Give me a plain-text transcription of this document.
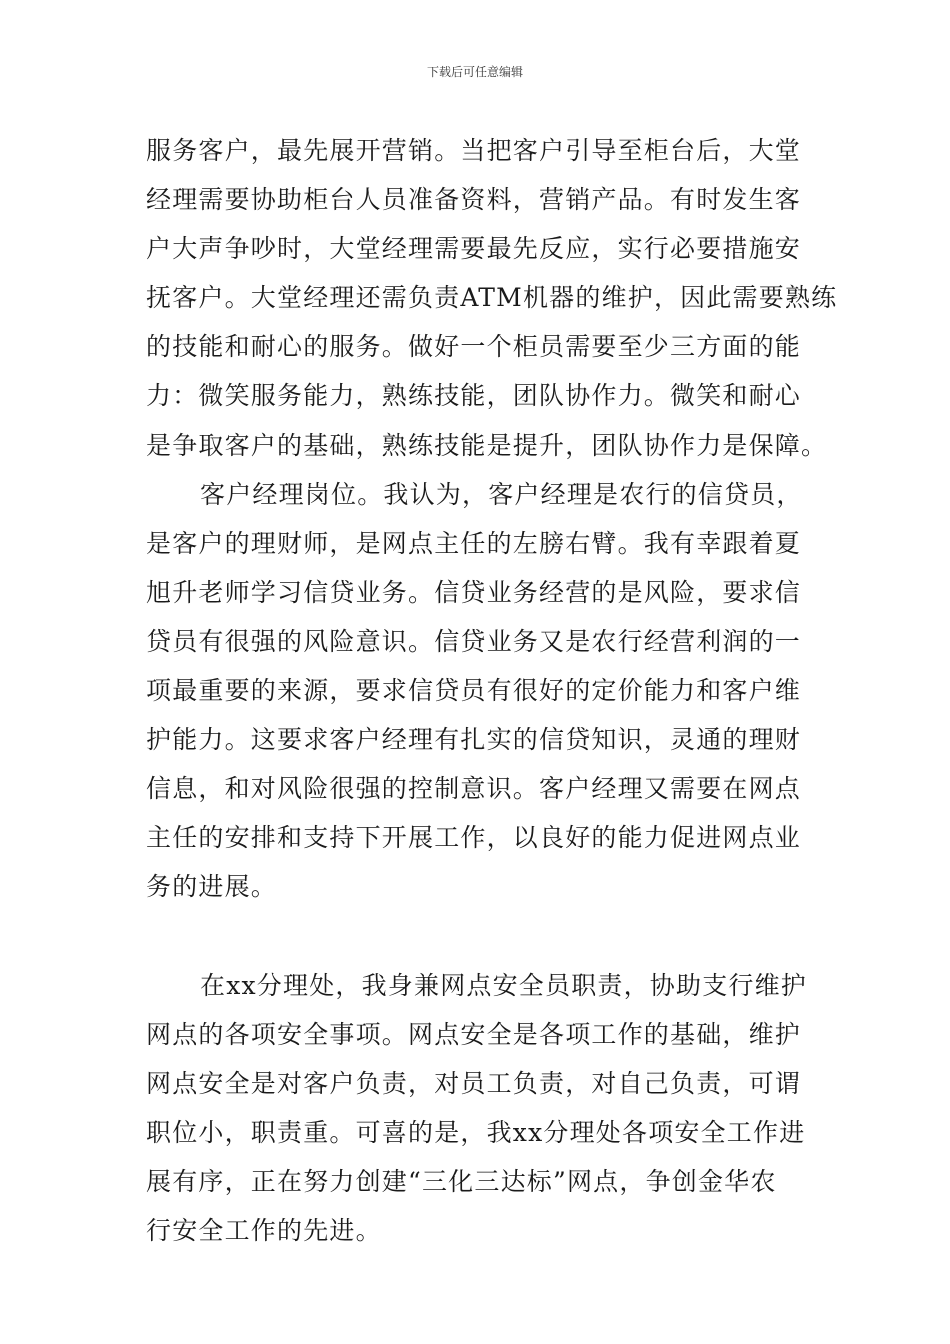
下载后可任意编辑
服务客户，最先展开营销。当把客户引导至柜台后，大堂
经理需要协助柜台人员准备资料，营销产品。有时发生客
户大声争吵时，大堂经理需要最先反应，实行必要措施安
抚客户。大堂经理还需负责ATM机器的维护，因此需要熟练
的技能和耐心的服务。做好一个柜员需要至少三方面的能
力：微笑服务能力，熟练技能，团队协作力。微笑和耐心
是争取客户的基础，熟练技能是提升，团队协作力是保障。
客户经理岗位。我认为，客户经理是农行的信贷员，
是客户的理财师，是网点主任的左膀右臂。我有幸跟着夏
旭升老师学习信贷业务。信贷业务经营的是风险，要求信
贷员有很强的风险意识。信贷业务又是农行经营利润的一
项最重要的来源，要求信贷员有很好的定价能力和客户维
护能力。这要求客户经理有扎实的信贷知识，灵通的理财
信息，和对风险很强的控制意识。客户经理又需要在网点
主任的安排和支持下开展工作，以良好的能力促进网点业
务的进展。
在xx分理处，我身兼网点安全员职责，协助支行维护
网点的各项安全事项。网点安全是各项工作的基础，维护
网点安全是对客户负责，对员工负责，对自己负责，可谓
职位小，职责重。可喜的是，我xx分理处各项安全工作进
展有序，正在努力创建“三化三达标”网点，争创金华农
行安全工作的先进。
